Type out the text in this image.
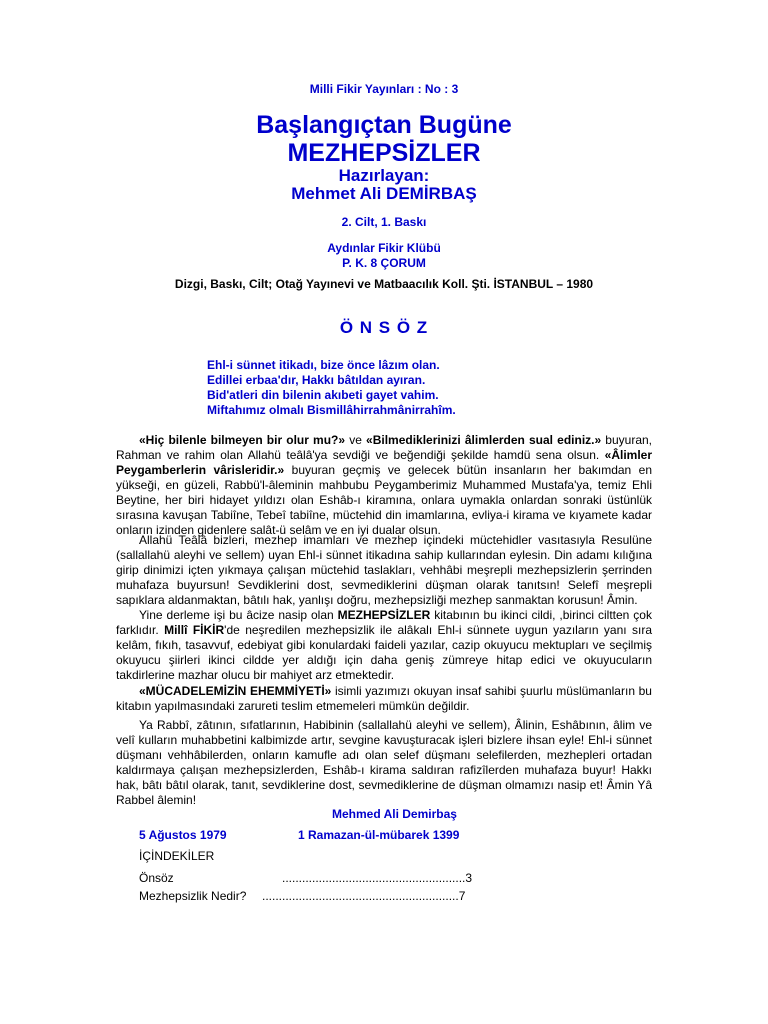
Milli Fikir Yayınları : No : 3
Başlangıçtan Bugüne
MEZHEPSİZLER
Hazırlayan:
Mehmet Ali DEMİRBAŞ
2. Cilt, 1. Baskı
Aydınlar Fikir Klübü
P. K. 8 ÇORUM
Dizgi, Baskı, Cilt; Otağ Yayınevi ve Matbaacılık Koll. Şti. İSTANBUL – 1980
Ö N S Ö Z
Ehl-i sünnet itikadı, bize önce lâzım olan.
Edillei erbaa'dır, Hakkı bâtıldan ayıran.
Bid'atleri din bilenin akıbeti gayet vahim.
Miftahımız olmalı Bismillâhirrahmânirrahîm.

«Hiç bilenle bilmeyen bir olur mu?» ve «Bilmediklerinizi âlimlerden sual ediniz.» buyuran, Rahman ve rahim olan Allahü teâlâ'ya sevdiği ve beğendiği şekilde hamdü sena olsun. «Âlimler Peygamberlerin vârisleridir.» buyuran geçmiş ve gelecek bütün insanların her bakımdan en yükseği, en güzeli, Rabbü'l-âleminin mahbubu Peygamberimiz Muhammed Mustafa'ya, temiz Ehli Beytine, her biri hidayet yıldızı olan Eshâb-ı kiramına, onlara uymakla onlardan sonraki üstünlük sırasına kavuşan Tabiîne, Tebeî tabiîne, müctehid din imamlarına, evliya-i kirama ve kıyamete kadar onların izinden gidenlere salât-ü selâm ve en iyi dualar olsun.

Allahü Teâlâ bizleri, mezhep imamları ve mezhep içindeki müctehidler vasıtasıyla Resulüne (sallallahü aleyhi ve sellem) uyan Ehl-i sünnet itikadına sahip kullarından eylesin. Din adamı kılığına girip dinimizi içten yıkmaya çalışan müctehid taslakları, vehhâbi meşrepli mezhepsizlerin şerrinden muhafaza buyursun! Sevdiklerini dost, sevmediklerini düşman olarak tanıtsın! Selefî meşrepli sapıklara aldanmaktan, bâtılı hak, yanlışı doğru, mezhepsizliği mezhep sanmaktan korusun! Âmin.

Yine derleme işi bu âcize nasip olan MEZHEPSİZLER kitabının bu ikinci cildi, ,birinci ciltten çok farklıdır. Millî FİKİR'de neşredilen mezhepsizlik ile alâkalı Ehl-i sünnete uygun yazıların yanı sıra kelâm, fıkıh, tasavvuf, edebiyat gibi konulardaki faideli yazılar, cazip okuyucu mektupları ve seçilmiş okuyucu şiirleri ikinci cildde yer aldığı için daha geniş zümreye hitap edici ve okuyucuların takdirlerine mazhar olucu bir mahiyet arz etmektedir.

«MÜCADELEMİZİN EHEMMİYETİ» isimli yazımızı okuyan insaf sahibi şuurlu müslümanların bu kitabın yapılmasındaki zarureti teslim etmemeleri mümkün değildir.

Ya Rabbî, zâtının, sıfatlarının, Habibinin (sallallahü aleyhi ve sellem), Âlinin, Eshâbının, âlim ve velî kulların muhabbetini kalbimizde artır, sevgine kavuşturacak işleri bizlere ihsan eyle! Ehl-i sünnet düşmanı vehhâbilerden, onların kamufle adı olan selef düşmanı selefilerden, mezhepleri ortadan kaldırmaya çalışan mezhepsizlerden, Eshâb-ı kirama saldıran rafizîlerden muhafaza buyur! Hakkı hak, bâtı bâtıl olarak, tanıt, sevdiklerine dost, sevmediklerine de düşman olmamızı nasip et! Âmin Yâ Rabbel âlemin!

Mehmed Ali Demirbaş
5 Ağustos 1979	1 Ramazan-ül-mübarek 1399
İÇİNDEKİLER
Önsöz	.......................................................3
Mezhepsizlik Nedir? ...........................................................7
